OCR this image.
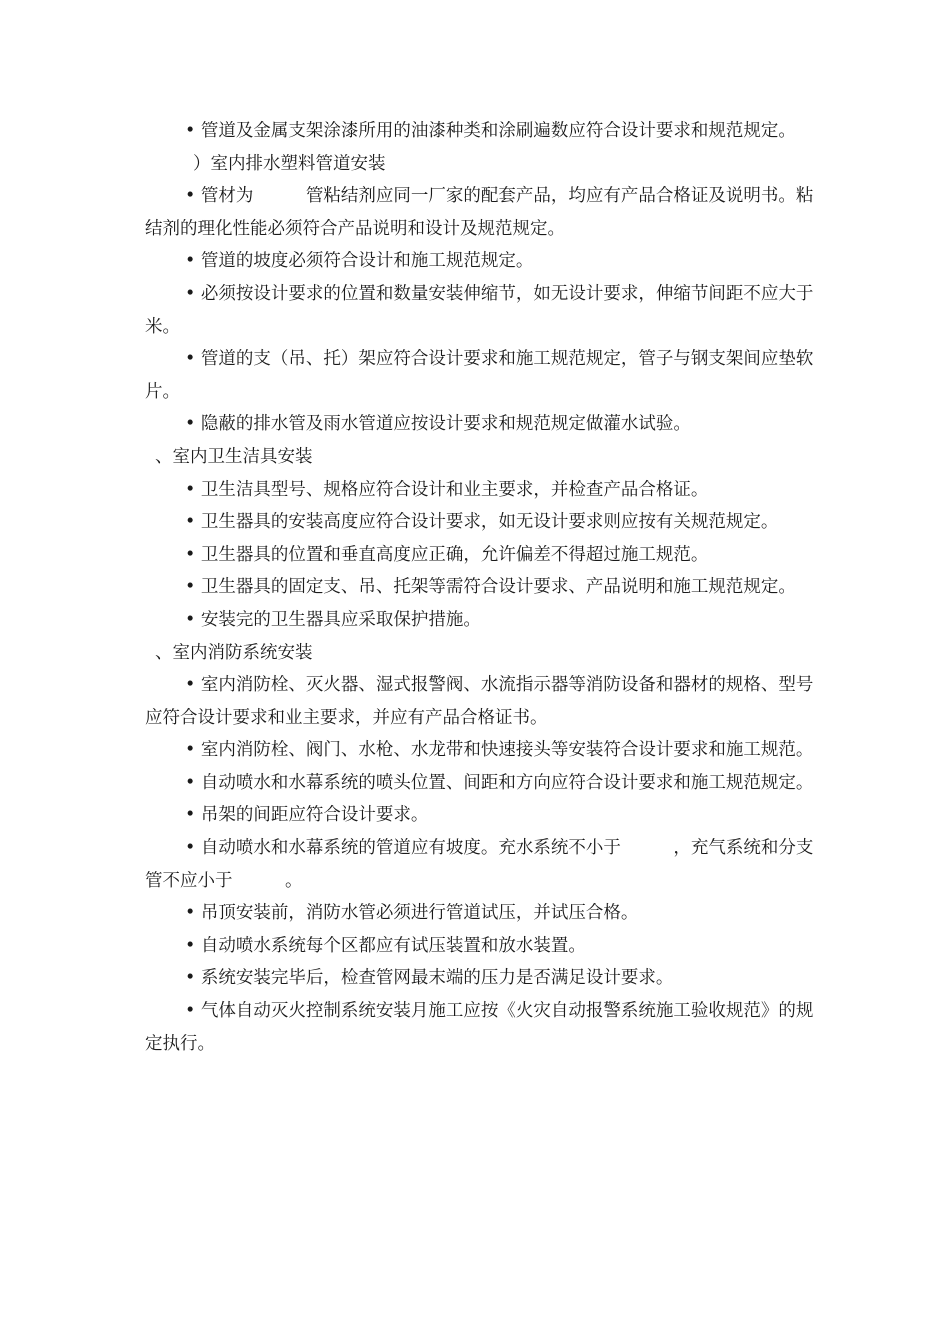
• 管道及金属支架涂漆所用的油漆种类和涂刷遍数应符合设计要求和规范规定。

）室内排水塑料管道安装

• 管材为　　　管粘结剂应同一厂家的配套产品，均应有产品合格证及说明书。粘结剂的理化性能必须符合产品说明和设计及规范规定。

• 管道的坡度必须符合设计和施工规范规定。

• 必须按设计要求的位置和数量安装伸缩节，如无设计要求，伸缩节间距不应大于　米。

• 管道的支（吊、托）架应符合设计要求和施工规范规定，管子与钢支架间应垫软片。

• 隐蔽的排水管及雨水管道应按设计要求和规范规定做灌水试验。

、室内卫生洁具安装

• 卫生洁具型号、规格应符合设计和业主要求，并检查产品合格证。

• 卫生器具的安装高度应符合设计要求，如无设计要求则应按有关规范规定。

• 卫生器具的位置和垂直高度应正确，允许偏差不得超过施工规范。

• 卫生器具的固定支、吊、托架等需符合设计要求、产品说明和施工规范规定。

• 安装完的卫生器具应采取保护措施。

、室内消防系统安装

• 室内消防栓、灭火器、湿式报警阀、水流指示器等消防设备和器材的规格、型号应符合设计要求和业主要求，并应有产品合格证书。

• 室内消防栓、阀门、水枪、水龙带和快速接头等安装符合设计要求和施工规范。

• 自动喷水和水幕系统的喷头位置、间距和方向应符合设计要求和施工规范规定。

• 吊架的间距应符合设计要求。

• 自动喷水和水幕系统的管道应有坡度。充水系统不小于　　　，充气系统和分支管不应小于　　　。

• 吊顶安装前，消防水管必须进行管道试压，并试压合格。

• 自动喷水系统每个区都应有试压装置和放水装置。

• 系统安装完毕后，检查管网最末端的压力是否满足设计要求。

• 气体自动灭火控制系统安装月施工应按《火灾自动报警系统施工验收规范》的规定执行。
